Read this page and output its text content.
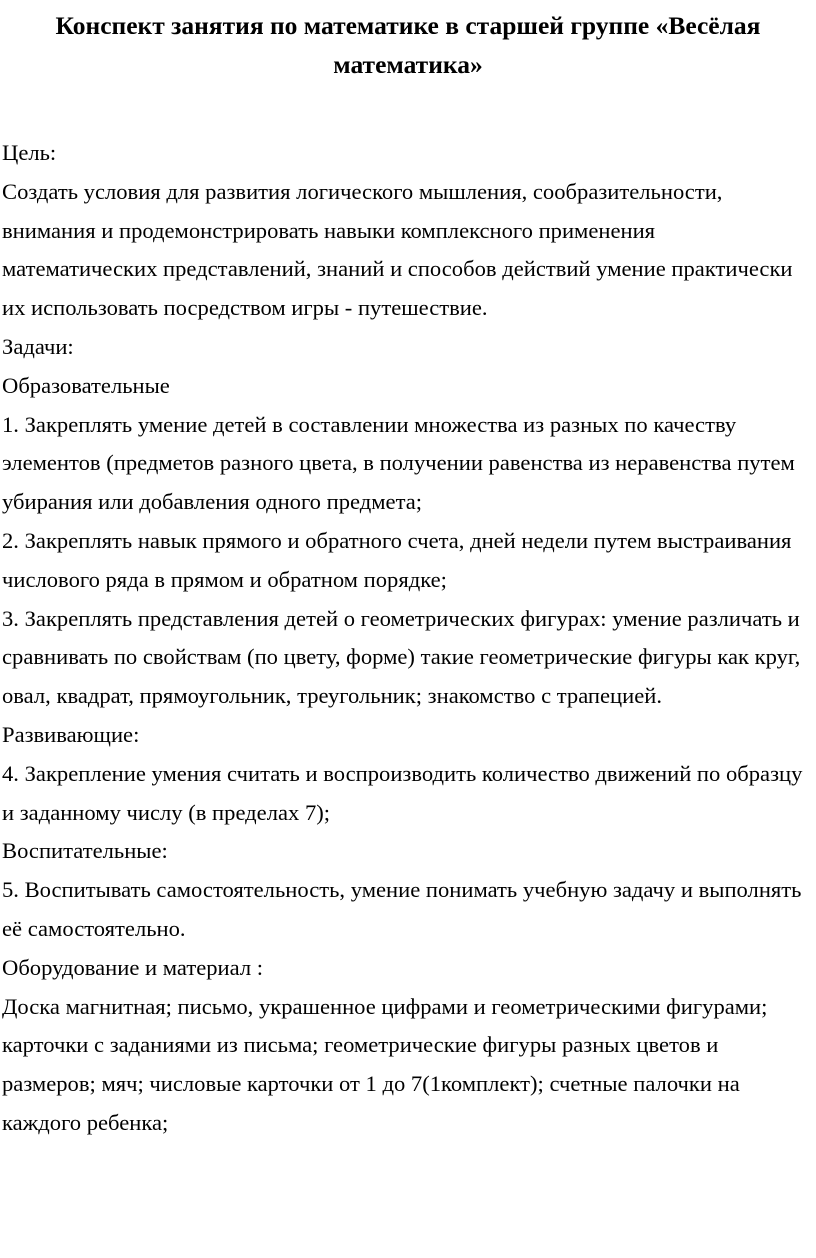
Конспект занятия по математике в старшей группе «Весёлая математика»

Цель:

Создать условия для развития логического мышления, сообразительности, внимания и продемонстрировать навыки комплексного применения математических представлений, знаний и способов действий умение практически их использовать посредством игры - путешествие.

Задачи:

Образовательные

1. Закреплять умение детей в составлении множества из разных по качеству элементов (предметов разного цвета, в получении равенства из неравенства путем убирания или добавления одного предмета;

2. Закреплять навык прямого и обратного счета, дней недели путем выстраивания числового ряда в прямом и обратном порядке;

3. Закреплять представления детей о геометрических фигурах: умение различать и сравнивать по свойствам (по цвету, форме) такие геометрические фигуры как круг, овал, квадрат, прямоугольник, треугольник; знакомство с трапецией.

Развивающие:

4. Закрепление умения считать и воспроизводить количество движений по образцу и заданному числу (в пределах 7);

Воспитательные:

5. Воспитывать самостоятельность, умение понимать учебную задачу и выполнять её самостоятельно.

Оборудование и материал :

Доска магнитная; письмо, украшенное цифрами и геометрическими фигурами; карточки с заданиями из письма; геометрические фигуры разных цветов и размеров; мяч; числовые карточки от 1 до 7(1комплект); счетные палочки на каждого ребенка;
